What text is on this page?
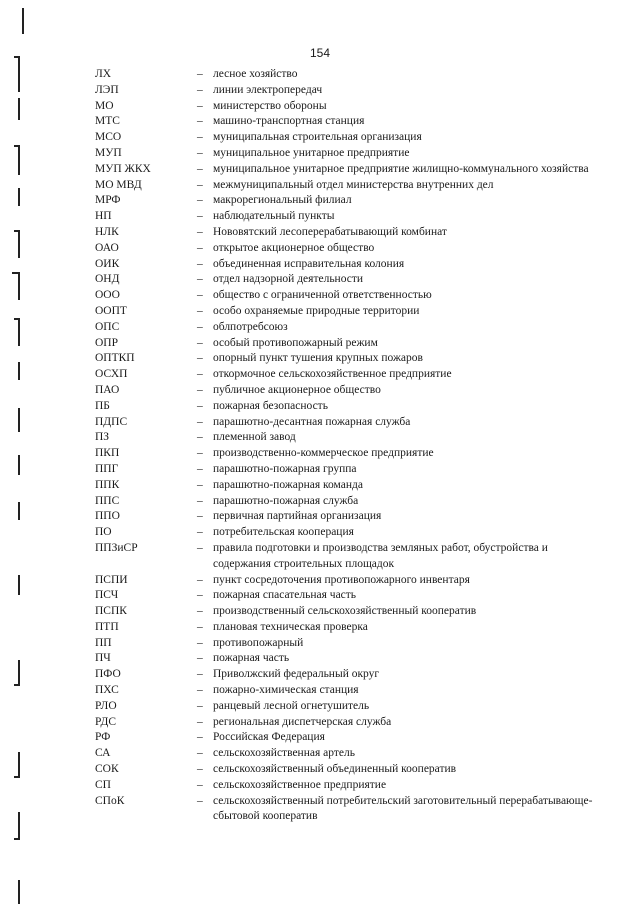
154
ЛХ	– лесное хозяйство
ЛЭП	– линии электропередач
МО	– министерство обороны
МТС	– машино-транспортная станция
МСО	– муниципальная строительная организация
МУП	– муниципальное унитарное предприятие
МУП ЖКХ	– муниципальное унитарное предприятие жилищно-коммунального хозяйства
МО МВД	– межмуниципальный отдел министерства внутренних дел
МРФ	– макрорегиональный филиал
НП	– наблюдательный пункты
НЛК	– Нововятский лесоперерабатывающий комбинат
ОАО	– открытое акционерное общество
ОИК	– объединенная исправительная колония
ОНД	– отдел надзорной деятельности
ООО	– общество с ограниченной ответственностью
ООПТ	– особо охраняемые природные территории
ОПС	– облпотребсоюз
ОПР	– особый противопожарный режим
ОПТКП	– опорный пункт тушения крупных пожаров
ОСХП	– откормочное сельскохозяйственное предприятие
ПАО	– публичное акционерное общество
ПБ	– пожарная безопасность
ПДПС	– парашютно-десантная пожарная служба
ПЗ	– племенной завод
ПКП	– производственно-коммерческое предприятие
ППГ	– парашютно-пожарная группа
ППК	– парашютно-пожарная команда
ППС	– парашютно-пожарная служба
ППО	– первичная партийная организация
ПО	– потребительская кооперация
ППЗиСР	– правила подготовки и производства земляных работ, обустройства и содержания строительных площадок
ПСПИ	– пункт сосредоточения противопожарного инвентаря
ПСЧ	– пожарная спасательная часть
ПСПК	– производственный сельскохозяйственный кооператив
ПТП	– плановая техническая проверка
ПП	– противопожарный
ПЧ	– пожарная часть
ПФО	– Приволжский федеральный округ
ПХС	– пожарно-химическая станция
РЛО	– ранцевый лесной огнетушитель
РДС	– региональная диспетчерская служба
РФ	– Российская Федерация
СА	– сельскохозяйственная артель
СОК	– сельскохозяйственный объединенный кооператив
СП	– сельскохозяйственное предприятие
СПоК	– сельскохозяйственный потребительский заготовительный перерабатывающе-сбытовой кооператив
